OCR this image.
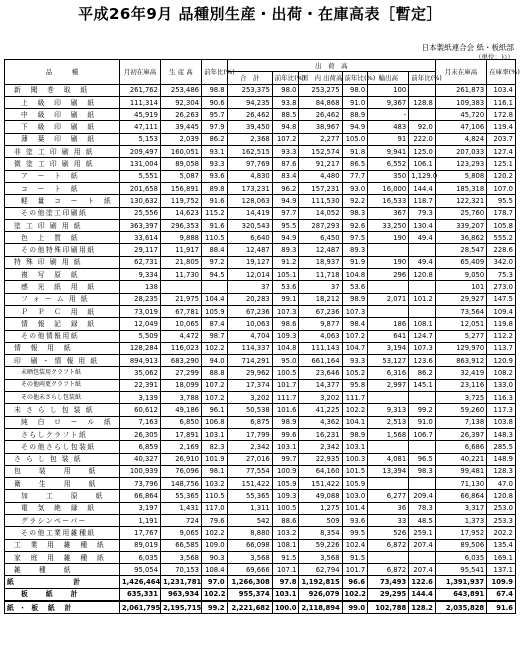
平成26年9月 品種別生産・出荷・在庫高表［暫定］
日本製紙連合会 紙・板紙部
（単位：ﾄﾝ）
品　　　種	月初在庫高	生 産 高	前年比(%)	出　荷　高						月末在庫高	在庫率(%)
				合　計	前年比(%)	国　内 出荷高	前年比(%)	輸出高	前年比(%)		
新　聞　巻　取　紙	261,762	253,486	98.8	253,375	98.0	253,275	98.0	100		261,873	103.4
上　級　印　刷　紙	111,314	92,304	90.6	94,235	93.8	84,868	91.0	9,367	128.8	109,383	116.1
中　級　印　刷　紙	45,919	26,263	95.7	26,462	88.5	26,462	88.9	-		45,720	172.8
下　級　印　刷　紙	47,111	39,445	97.9	39,450	94.8	38,967	94.9	483	92.0	47,106	119.4
薄　葉　印　刷　紙	5,153	2,039	86.2	2,368	107.2	2,277	105.0	91	222.0	4,824	203.7
非 塗 工 印 刷 用 紙	209,497	160,051	93.1	162,515	93.3	152,574	91.8	9,941	125.0	207,033	127.4
微 塗 工 印 刷 用 紙	131,004	89,058	93.3	97,769	87.6	91,217	86.5	6,552	106.1	123,293	125.1
ア　ー　ト　紙	5,551	5,087	93.6	4,830	83.4	4,480	77.7	350	1,129.0	5,808	120.2
コ　ー　ト　紙	201,658	156,891	89.8	173,231	96.2	157,231	93.0	16,000	144.4	185,318	107.0
軽　量　コ　ー　ト　紙	130,632	119,752	91.6	128,063	94.9	111,530	92.2	16,533	118.7	122,321	95.5
その他塗工印刷紙	25,556	14,623	115.2	14,419	97.7	14,052	98.3	367	79.3	25,760	178.7
塗 工 印 刷 用 紙	363,397	296,353	91.6	320,543	95.5	287,293	92.6	33,250	130.4	339,207	105.8
色　上　質　紙	33,614	9,888	110.5	6,640	94.9	6,450	97.5	190	49.4	36,862	555.2
その他特殊印刷用紙	29,117	11,917	88.4	12,487	89.3	12,487	89.3			28,547	228.6
特 殊 印 刷 用 紙	62,731	21,805	97.2	19,127	91.2	18,937	91.9	190	49.4	65,409	342.0
複　写　原　紙	9,334	11,730	94.5	12,014	105.1	11,718	104.8	296	120.8	9,050	75.3
感　光　紙　用　紙	138			37	53.6	37	53.6			101	273.0
フ ォ ー ム 用 紙	28,235	21,975	104.4	20,283	99.1	18,212	98.9	2,071	101.2	29,927	147.5
Ｐ　Ｐ　Ｃ　用　紙	73,019	67,781	105.9	67,236	107.3	67,236	107.3			73,564	109.4
情　報　記　録　紙	12,049	10,065	87.4	10,063	98.6	9,877	98.4	186	108.1	12,051	119.8
その他情報用紙	5,509	4,472	98.7	4,704	109.3	4,063	107.2	641	124.7	5,277	112.2
情　報　用　紙	128,284	116,023	102.2	114,337	104.8	111,143	104.7	3,194	107.3	129,970	113.7
印　刷 ・ 情 報 用 紙	894,913	683,290	94.0	714,291	95.0	661,164	93.3	53,127	123.6	863,912	120.9
未晒包装用クラフト紙	35,062	27,299	88.8	29,962	100.5	23,646	105.2	6,316	86.2	32,419	108.2
その他両更クラフト紙	22,391	18,099	107.2	17,374	101.7	14,377	95.8	2,997	145.1	23,116	133.0
その他未さらし包装紙	3,139	3,788	107.2	3,202	111.7	3,202	111.7			3,725	116.3
未 さ ら し 包 装 紙	60,612	49,186	96.1	50,538	101.6	41,225	102.2	9,313	99.2	59,260	117.3
純　白　ロ　ー　ル　紙	7,163	6,850	106.8	6,875	98.9	4,362	104.1	2,513	91.0	7,138	103.8
さらしクラフト紙	26,305	17,891	103.1	17,799	99.6	16,231	98.9	1,568	106.7	26,397	148.3
その他さらし包装紙	6,859	2,169	82.3	2,342	103.1	2,342	103.1			6,686	285.5
さ ら し 包 装 紙	40,327	26,910	101.9	27,016	99.7	22,935	100.3	4,081	96.5	40,221	148.9
包　　装　　用　　紙	100,939	76,096	98.1	77,554	100.9	64,160	101.5	13,394	98.3	99,481	128.3
衛　　生　　用　　紙	73,796	148,756	103.2	151,422	105.9	151,422	105.9			71,130	47.0
加　　工　　原　　紙	66,864	55,365	110.5	55,365	109.3	49,088	103.0	6,277	209.4	66,864	120.8
電　気　絶　縁　紙	3,197	1,431	117.0	1,311	100.5	1,275	101.4	36	78.3	3,317	253.0
グラシンペーパー	1,191	724	79.6	542	88.6	509	93.6	33	48.5	1,373	253.3
その他工業用雑種紙	17,767	9,065	102.2	8,880	103.2	8,354	99.5	526	259.1	17,952	202.2
工　業　用　雑　種　紙	89,019	66,585	109.0	66,098	108.1	59,226	102.4	6,872	207.4	89,506	135.4
家　庭　用　雑　種　紙	6,035	3,568	90.3	3,568	91.5	3,568	91.5			6,035	169.1
雑　　種　　紙	95,054	70,153	108.4	69,666	107.1	62,794	101.7	6,872	207.4	95,541	137.1
紙　　　　　　　計	1,426,464	1,231,781	97.0	1,266,308	97.8	1,192,815	96.6	73,493	122.6	1,391,937	109.9
板　　紙　　計	635,331	963,934	102.2	955,374	103.1	926,079	102.2	29,295	144.4	643,891	67.4
紙 ・ 板　紙　計	2,061,795	2,195,715	99.2	2,221,682	100.0	2,118,894	99.0	102,788	128.2	2,035,828	91.6
